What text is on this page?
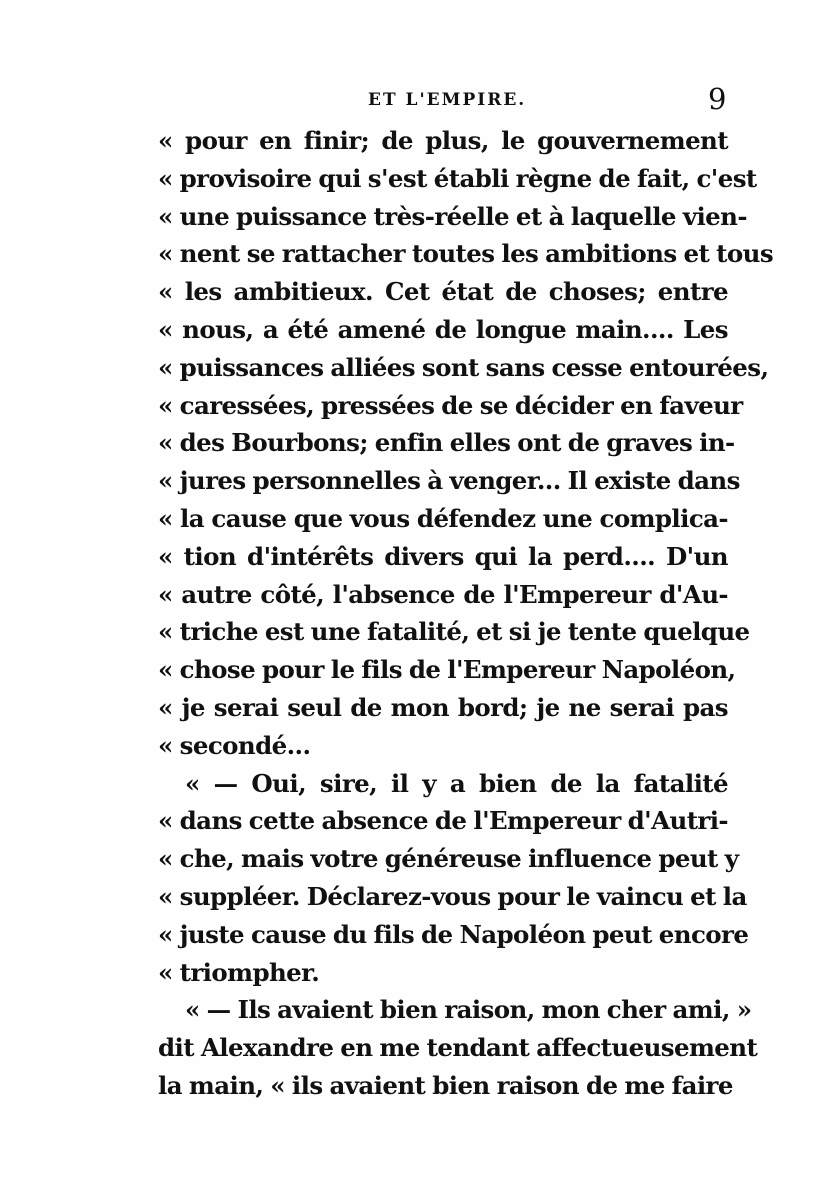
ET L'EMPIRE.	9
« pour en finir; de plus, le gouvernement
« provisoire qui s'est établi règne de fait, c'est
« une puissance très-réelle et à laquelle vien-
« nent se rattacher toutes les ambitions et tous
« les ambitieux. Cet état de choses; entre
« nous, a été amené de longue main.... Les
« puissances alliées sont sans cesse entourées,
« caressées, pressées de se décider en faveur
« des Bourbons; enfin elles ont de graves in-
« jures personnelles à venger... Il existe dans
« la cause que vous défendez une complica-
« tion d'intérêts divers qui la perd.... D'un
« autre côté, l'absence de l'Empereur d'Au-
« triche est une fatalité, et si je tente quelque
« chose pour le fils de l'Empereur Napoléon,
« je serai seul de mon bord; je ne serai pas
« secondé...
« — Oui, sire, il y a bien de la fatalité
« dans cette absence de l'Empereur d'Autri-
« che, mais votre généreuse influence peut y
« suppléer. Déclarez-vous pour le vaincu et la
« juste cause du fils de Napoléon peut encore
« triompher.
« — Ils avaient bien raison, mon cher ami, »
dit Alexandre en me tendant affectueusement
la main, « ils avaient bien raison de me faire
